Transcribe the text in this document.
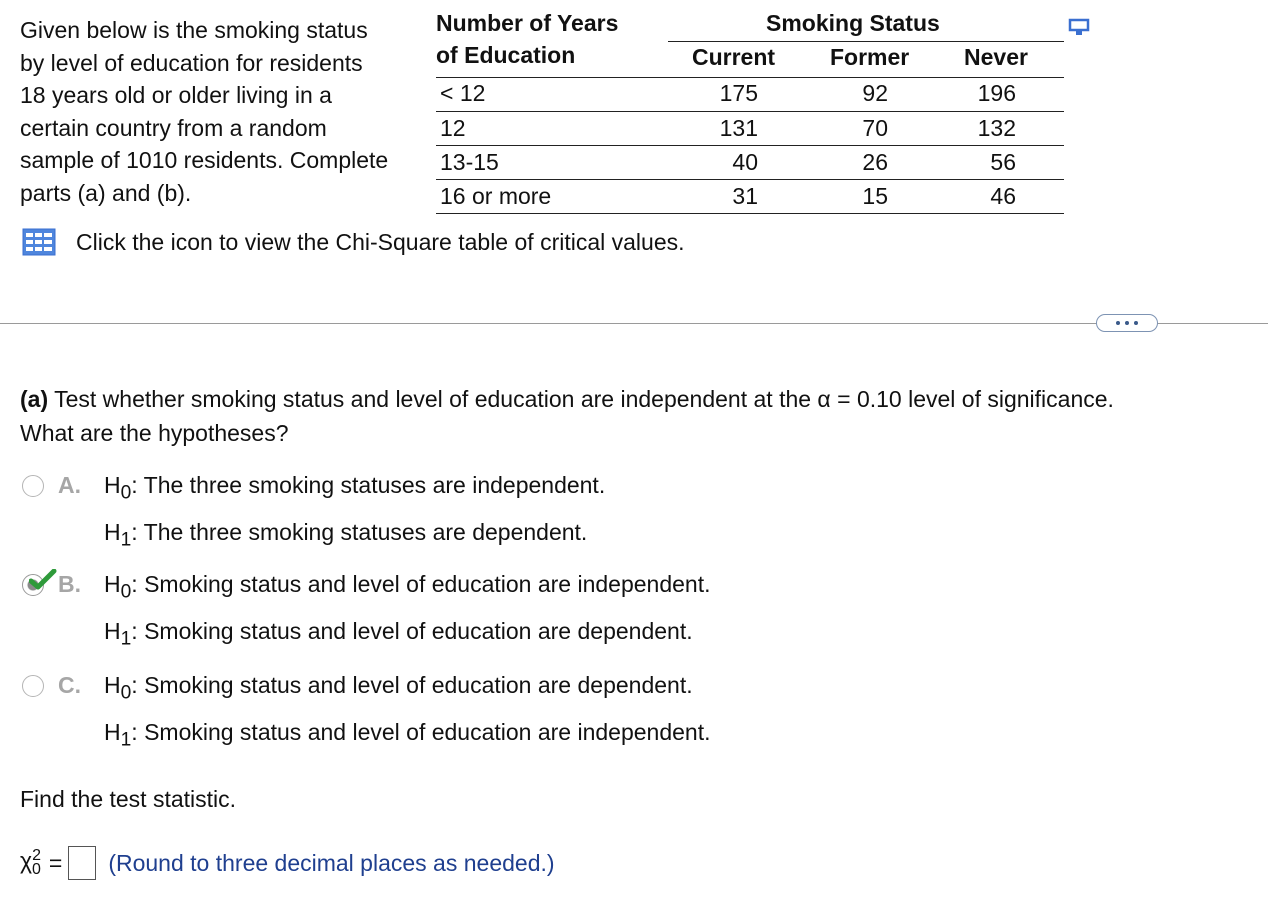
Given below is the smoking status
by level of education for residents
18 years old or older living in a
certain country from a random
sample of 1010 residents. Complete
parts (a) and (b).
Number of Years
of Education
Smoking Status
Current Former Never
< 12	175	92	196
12	131	70	132
13-15	40	26	56
16 or more	31	15	46
Click the icon to view the Chi-Square table of critical values.
(a) Test whether smoking status and level of education are independent at the α = 0.10 level of significance.
What are the hypotheses?
A.	$H_0$: The three smoking statuses are independent.
$H_1$: The three smoking statuses are dependent.
B.	$H_0$: Smoking status and level of education are independent.
$H_1$: Smoking status and level of education are dependent.
C.	$H_0$: Smoking status and level of education are dependent.
$H_1$: Smoking status and level of education are independent.
Find the test statistic.
$\chi^2_0$ = (Round to three decimal places as needed.)
